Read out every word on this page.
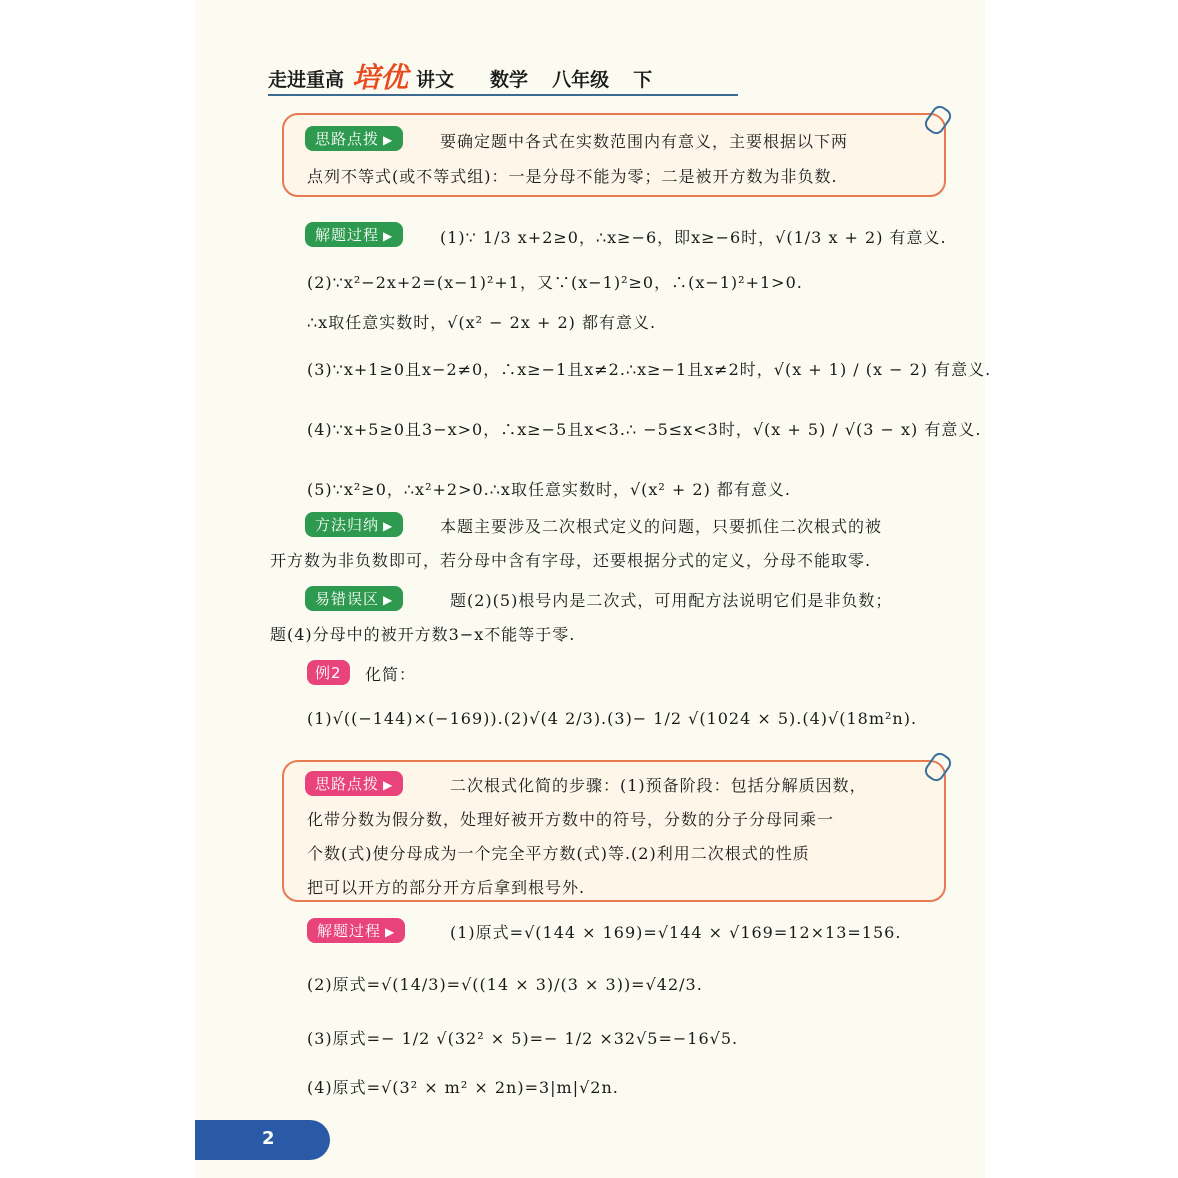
走进重高 培优 讲文 数学 八年级 下
思路点拨 ▶	要确定题中各式在实数范围内有意义，主要根据以下两
点列不等式(或不等式组)：一是分母不能为零；二是被开方数为非负数.
解题过程 ▶	(1)∵ 1/3 x+2≥0，∴x≥−6，即x≥−6时，√(1/3 x + 2) 有意义.
(2)∵x²−2x+2=(x−1)²+1，又∵(x−1)²≥0，∴(x−1)²+1>0.
∴x取任意实数时，√(x² − 2x + 2) 都有意义.
(3)∵x+1≥0且x−2≠0，∴x≥−1且x≠2.∴x≥−1且x≠2时，√(x + 1) / (x − 2) 有意义.
(4)∵x+5≥0且3−x>0，∴x≥−5且x<3.∴ −5≤x<3时，√(x + 5) / √(3 − x) 有意义.
(5)∵x²≥0，∴x²+2>0.∴x取任意实数时，√(x² + 2) 都有意义.
方法归纳 ▶	本题主要涉及二次根式定义的问题，只要抓住二次根式的被
开方数为非负数即可，若分母中含有字母，还要根据分式的定义，分母不能取零.
易错误区 ▶	题(2)(5)根号内是二次式，可用配方法说明它们是非负数；
题(4)分母中的被开方数3−x不能等于零.
例2	化简：
(1)√((−144)×(−169)).(2)√(4 2/3).(3)− 1/2 √(1024 × 5).(4)√(18m²n).
思路点拨 ▶	二次根式化简的步骤：(1)预备阶段：包括分解质因数，
化带分数为假分数，处理好被开方数中的符号，分数的分子分母同乘一
个数(式)使分母成为一个完全平方数(式)等.(2)利用二次根式的性质
把可以开方的部分开方后拿到根号外.
解题过程 ▶	(1)原式=√(144 × 169)=√144 × √169=12×13=156.
(2)原式=√(14/3)=√((14 × 3)/(3 × 3))=√42/3.
(3)原式=− 1/2 √(32² × 5)=− 1/2 ×32√5=−16√5.
(4)原式=√(3² × m² × 2n)=3|m|√2n.
2
